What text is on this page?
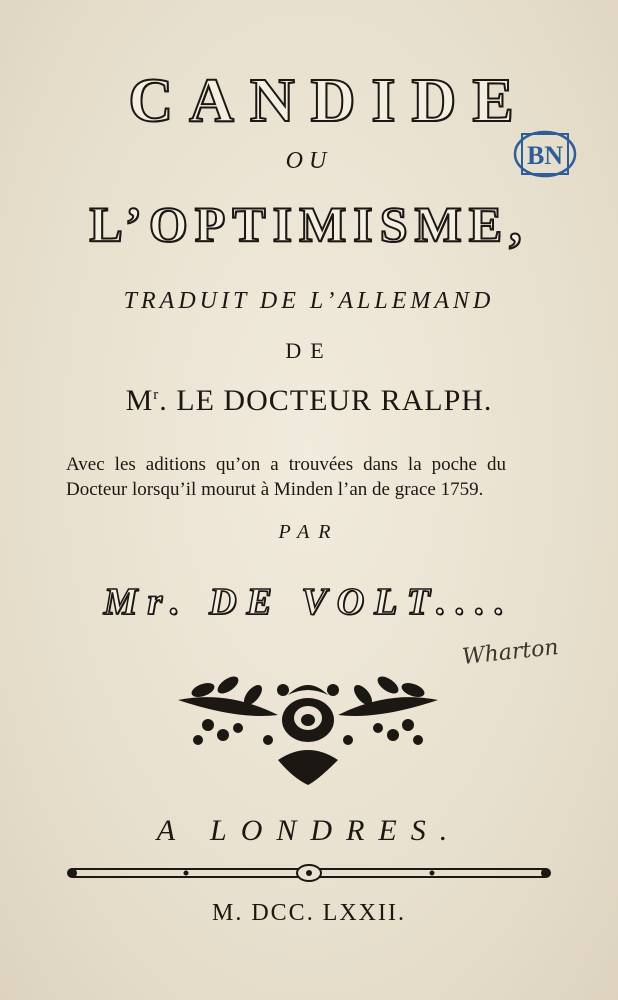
CANDIDE
OU
L’OPTIMISME,
TRADUIT DE L’ALLEMAND
DE
$M^r$. LE DOCTEUR RALPH.
Avec les aditions qu’on a trouvées dans la poche du Docteur lorsqu’il mourut à Minden l’an de grace 1759.
PAR
Mr. DE VOLT....
Wharton
BN
A LONDRES.
M. DCC. LXXII.
